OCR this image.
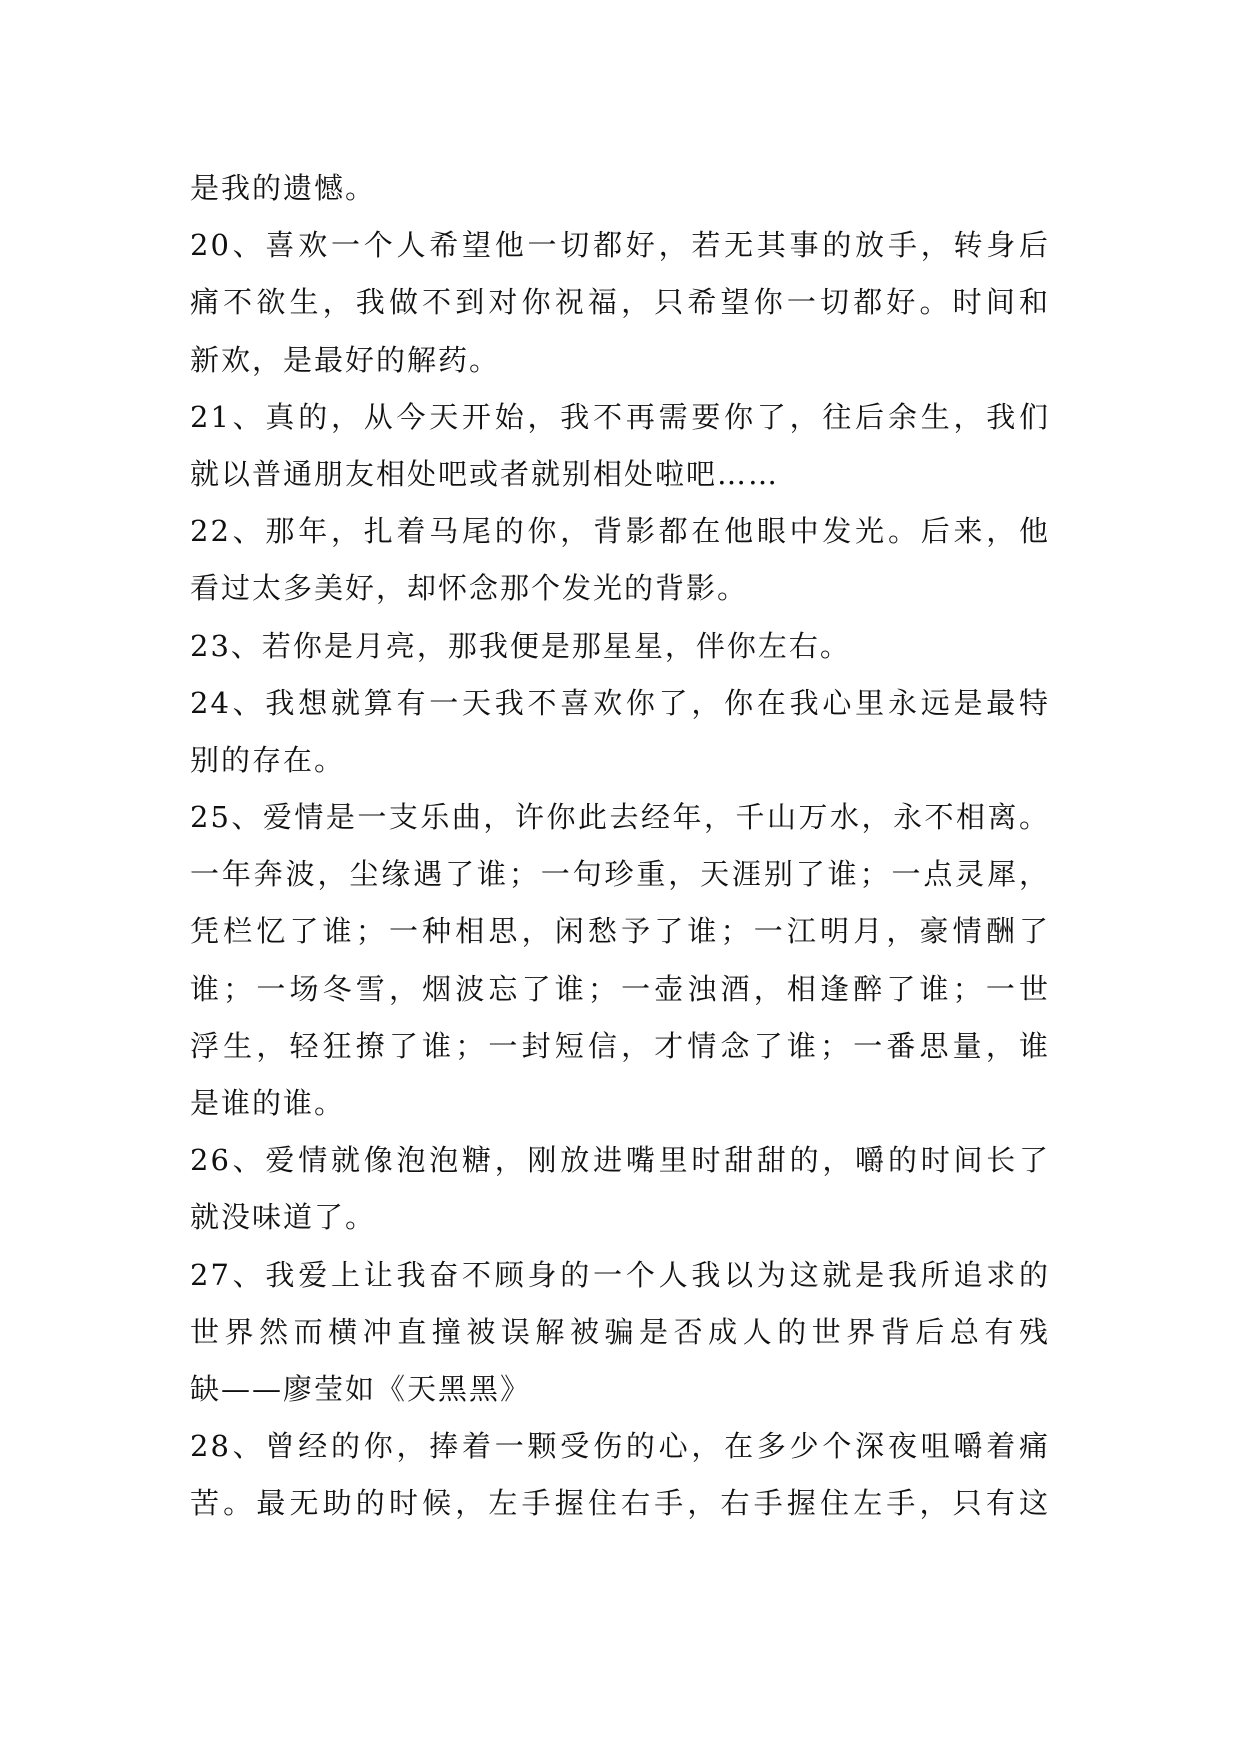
是我的遗憾。
20、喜欢一个人希望他一切都好，若无其事的放手，转身后
痛不欲生，我做不到对你祝福，只希望你一切都好。时间和
新欢，是最好的解药。
21、真的，从今天开始，我不再需要你了，往后余生，我们
就以普通朋友相处吧或者就别相处啦吧……
22、那年，扎着马尾的你，背影都在他眼中发光。后来，他
看过太多美好，却怀念那个发光的背影。
23、若你是月亮，那我便是那星星，伴你左右。
24、我想就算有一天我不喜欢你了，你在我心里永远是最特
别的存在。
25、爱情是一支乐曲，许你此去经年，千山万水，永不相离。
一年奔波，尘缘遇了谁；一句珍重，天涯别了谁；一点灵犀，
凭栏忆了谁；一种相思，闲愁予了谁；一江明月，豪情酬了
谁；一场冬雪，烟波忘了谁；一壶浊酒，相逢醉了谁；一世
浮生，轻狂撩了谁；一封短信，才情念了谁；一番思量，谁
是谁的谁。
26、爱情就像泡泡糖，刚放进嘴里时甜甜的，嚼的时间长了
就没味道了。
27、我爱上让我奋不顾身的一个人我以为这就是我所追求的
世界然而横冲直撞被误解被骗是否成人的世界背后总有残
缺——廖莹如《天黑黑》
28、曾经的你，捧着一颗受伤的心，在多少个深夜咀嚼着痛
苦。最无助的时候，左手握住右手，右手握住左手，只有这
